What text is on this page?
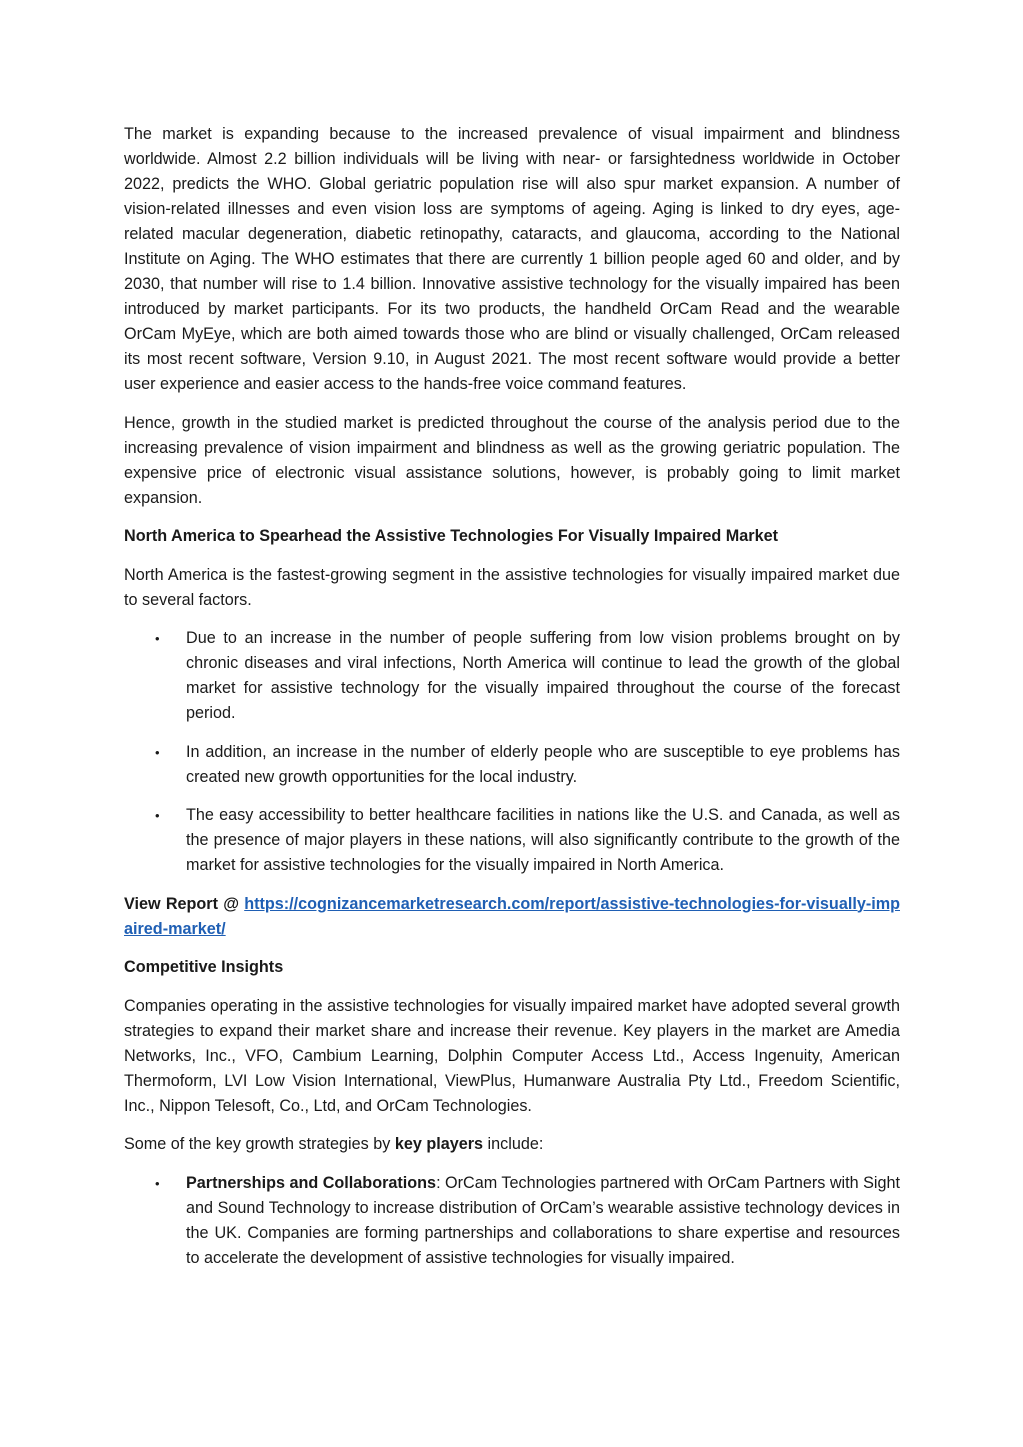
The market is expanding because to the increased prevalence of visual impairment and blindness worldwide. Almost 2.2 billion individuals will be living with near- or farsightedness worldwide in October 2022, predicts the WHO. Global geriatric population rise will also spur market expansion. A number of vision-related illnesses and even vision loss are symptoms of ageing. Aging is linked to dry eyes, age-related macular degeneration, diabetic retinopathy, cataracts, and glaucoma, according to the National Institute on Aging. The WHO estimates that there are currently 1 billion people aged 60 and older, and by 2030, that number will rise to 1.4 billion. Innovative assistive technology for the visually impaired has been introduced by market participants. For its two products, the handheld OrCam Read and the wearable OrCam MyEye, which are both aimed towards those who are blind or visually challenged, OrCam released its most recent software, Version 9.10, in August 2021. The most recent software would provide a better user experience and easier access to the hands-free voice command features.

Hence, growth in the studied market is predicted throughout the course of the analysis period due to the increasing prevalence of vision impairment and blindness as well as the growing geriatric population. The expensive price of electronic visual assistance solutions, however, is probably going to limit market expansion.

North America to Spearhead the Assistive Technologies For Visually Impaired Market

North America is the fastest-growing segment in the assistive technologies for visually impaired market due to several factors.

• Due to an increase in the number of people suffering from low vision problems brought on by chronic diseases and viral infections, North America will continue to lead the growth of the global market for assistive technology for the visually impaired throughout the course of the forecast period.
• In addition, an increase in the number of elderly people who are susceptible to eye problems has created new growth opportunities for the local industry.
• The easy accessibility to better healthcare facilities in nations like the U.S. and Canada, as well as the presence of major players in these nations, will also significantly contribute to the growth of the market for assistive technologies for the visually impaired in North America.

View Report @ https://cognizancemarketresearch.com/report/assistive-technologies-for-visually-impaired-market/

Competitive Insights

Companies operating in the assistive technologies for visually impaired market have adopted several growth strategies to expand their market share and increase their revenue. Key players in the market are Amedia Networks, Inc., VFO, Cambium Learning, Dolphin Computer Access Ltd., Access Ingenuity, American Thermoform, LVI Low Vision International, ViewPlus, Humanware Australia Pty Ltd., Freedom Scientific, Inc., Nippon Telesoft, Co., Ltd, and OrCam Technologies.

Some of the key growth strategies by key players include:

• Partnerships and Collaborations: OrCam Technologies partnered with OrCam Partners with Sight and Sound Technology to increase distribution of OrCam’s wearable assistive technology devices in the UK. Companies are forming partnerships and collaborations to share expertise and resources to accelerate the development of assistive technologies for visually impaired.
